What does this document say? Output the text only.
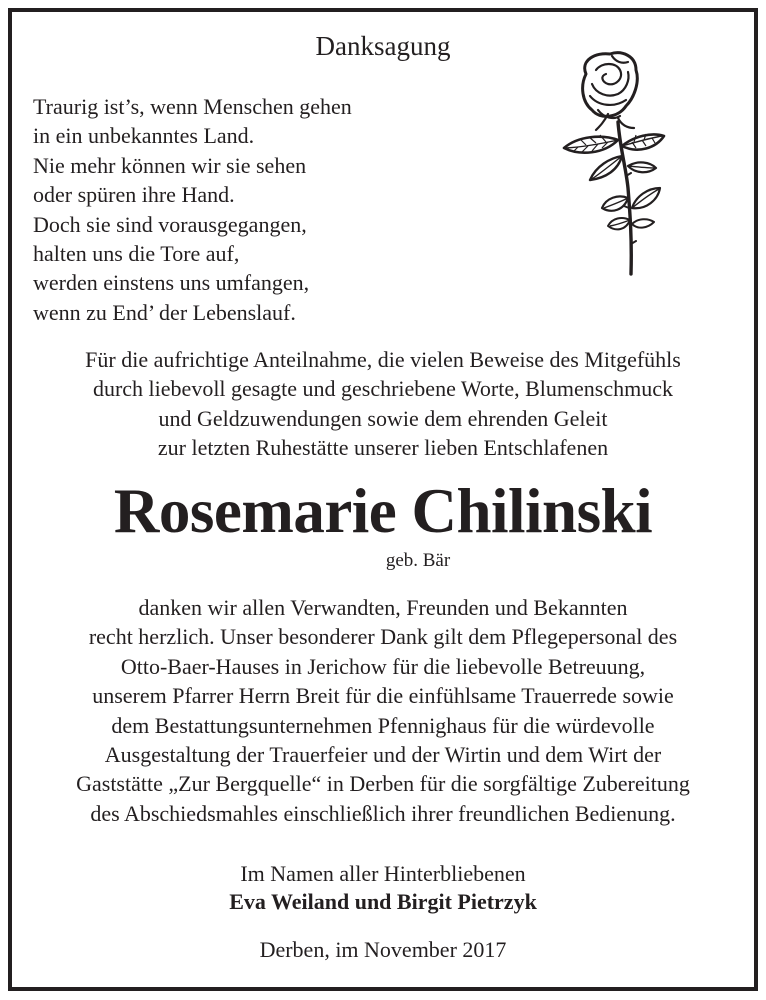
Danksagung
Traurig ist’s, wenn Menschen gehen
in ein unbekanntes Land.
Nie mehr können wir sie sehen
oder spüren ihre Hand.
Doch sie sind vorausgegangen,
halten uns die Tore auf,
werden einstens uns umfangen,
wenn zu End’ der Lebenslauf.
Für die aufrichtige Anteilnahme, die vielen Beweise des Mitgefühls
durch liebevoll gesagte und geschriebene Worte, Blumenschmuck
und Geldzuwendungen sowie dem ehrenden Geleit
zur letzten Ruhestätte unserer lieben Entschlafenen
Rosemarie Chilinski
geb. Bär
danken wir allen Verwandten, Freunden und Bekannten
recht herzlich. Unser besonderer Dank gilt dem Pflegepersonal des
Otto-Baer-Hauses in Jerichow für die liebevolle Betreuung,
unserem Pfarrer Herrn Breit für die einfühlsame Trauerrede sowie
dem Bestattungsunternehmen Pfennighaus für die würdevolle
Ausgestaltung der Trauerfeier und der Wirtin und dem Wirt der
Gaststätte „Zur Bergquelle“ in Derben für die sorgfältige Zubereitung
des Abschiedsmahles einschließlich ihrer freundlichen Bedienung.
Im Namen aller Hinterbliebenen
Eva Weiland und Birgit Pietrzyk
Derben, im November 2017
